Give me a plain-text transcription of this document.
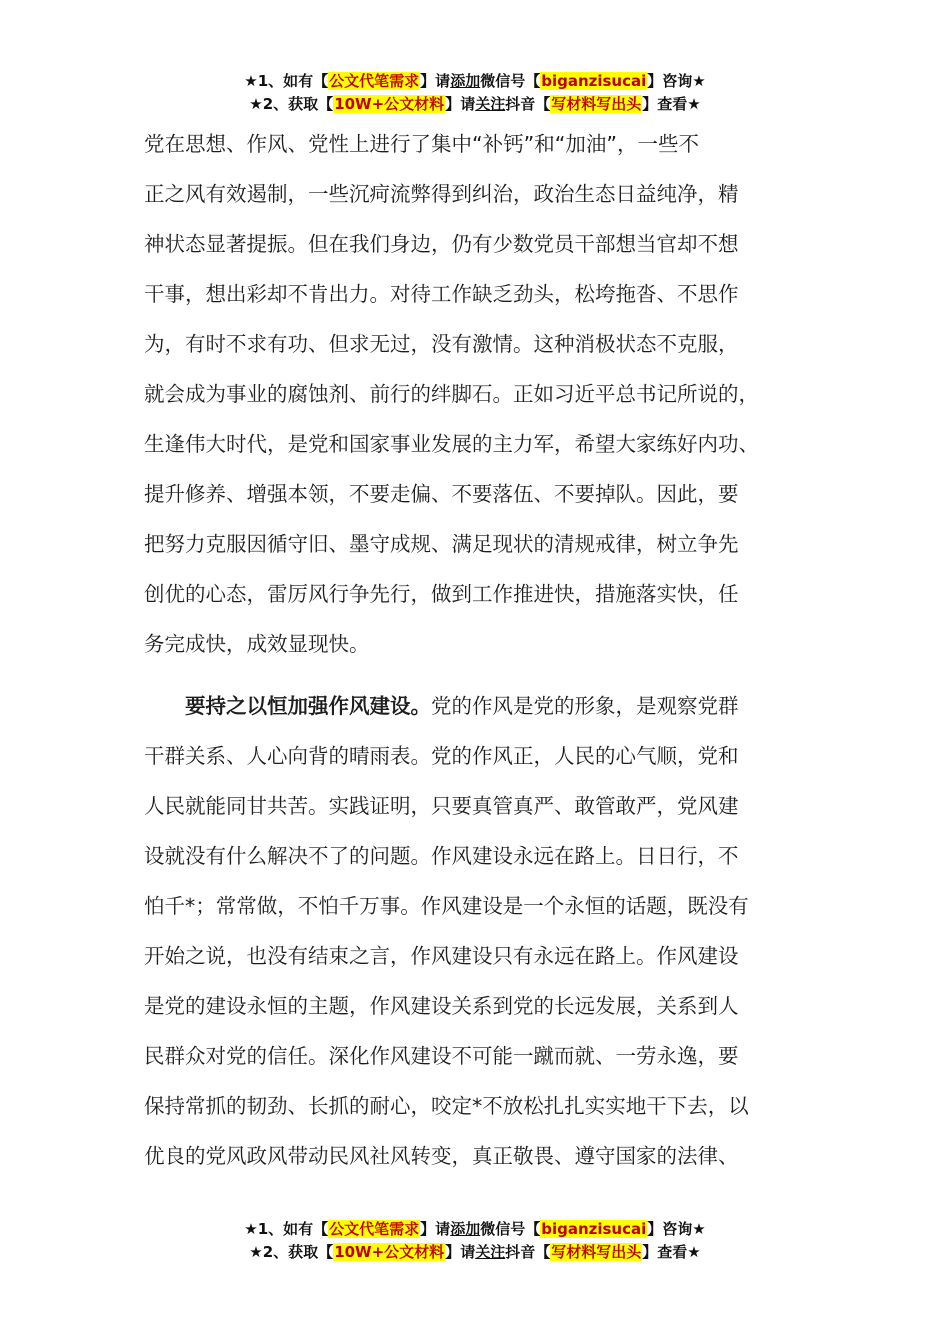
★1、如有【公文代笔需求】请添加微信号【biganzisucai】咨询★
★2、获取【10W+公文材料】请关注抖音【写材料写出头】查看★
党在思想、作风、党性上进行了集中“补钙”和“加油”，一些不
正之风有效遏制，一些沉疴流弊得到纠治，政治生态日益纯净，精
神状态显著提振。但在我们身边，仍有少数党员干部想当官却不想
干事，想出彩却不肯出力。对待工作缺乏劲头，松垮拖沓、不思作
为，有时不求有功、但求无过，没有激情。这种消极状态不克服，
就会成为事业的腐蚀剂、前行的绊脚石。正如习近平总书记所说的，
生逢伟大时代，是党和国家事业发展的主力军，希望大家练好内功、
提升修养、增强本领，不要走偏、不要落伍、不要掉队。因此，要
把努力克服因循守旧、墨守成规、满足现状的清规戒律，树立争先
创优的心态，雷厉风行争先行，做到工作推进快，措施落实快，任
务完成快，成效显现快。
要持之以恒加强作风建设。党的作风是党的形象，是观察党群
干群关系、人心向背的晴雨表。党的作风正，人民的心气顺，党和
人民就能同甘共苦。实践证明，只要真管真严、敢管敢严，党风建
设就没有什么解决不了的问题。作风建设永远在路上。日日行，不
怕千*；常常做，不怕千万事。作风建设是一个永恒的话题，既没有
开始之说，也没有结束之言，作风建设只有永远在路上。作风建设
是党的建设永恒的主题，作风建设关系到党的长远发展，关系到人
民群众对党的信任。深化作风建设不可能一蹴而就、一劳永逸，要
保持常抓的韧劲、长抓的耐心，咬定*不放松扎扎实实地干下去，以
优良的党风政风带动民风社风转变，真正敬畏、遵守国家的法律、
★1、如有【公文代笔需求】请添加微信号【biganzisucai】咨询★
★2、获取【10W+公文材料】请关注抖音【写材料写出头】查看★
